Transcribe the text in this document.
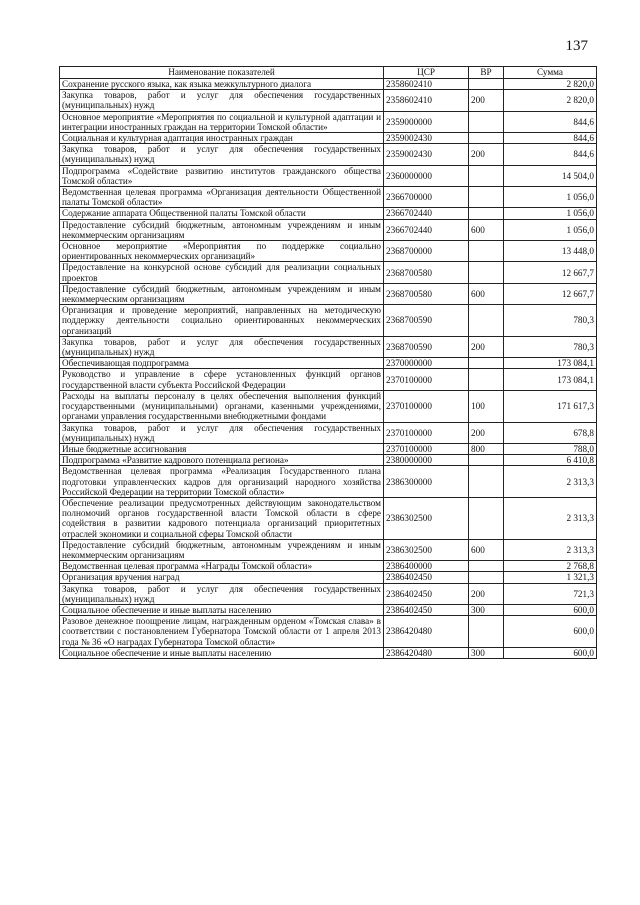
137
Наименование показателей	ЦСР	ВР	Сумма
Сохранение русского языка, как языка межкультурного диалога	2358602410		2 820,0
Закупка товаров, работ и услуг для обеспечения государственных (муниципальных) нужд	2358602410	200	2 820,0
Основное мероприятие «Мероприятия по социальной и культурной адаптации и интеграции иностранных граждан на территории Томской области»	2359000000		844,6
Социальная и культурная адаптация иностранных граждан	2359002430		844,6
Закупка товаров, работ и услуг для обеспечения государственных (муниципальных) нужд	2359002430	200	844,6
Подпрограмма «Содействие развитию институтов гражданского общества Томской области»	2360000000		14 504,0
Ведомственная целевая программа «Организация деятельности Общественной палаты Томской области»	2366700000		1 056,0
Содержание аппарата Общественной палаты Томской области	2366702440		1 056,0
Предоставление субсидий бюджетным, автономным учреждениям и иным некоммерческим организациям	2366702440	600	1 056,0
Основное мероприятие «Мероприятия по поддержке социально ориентированных некоммерческих организаций»	2368700000		13 448,0
Предоставление на конкурсной основе субсидий для реализации социальных проектов	2368700580		12 667,7
Предоставление субсидий бюджетным, автономным учреждениям и иным некоммерческим организациям	2368700580	600	12 667,7
Организация и проведение мероприятий, направленных на методическую поддержку деятельности социально ориентированных некоммерческих организаций	2368700590		780,3
Закупка товаров, работ и услуг для обеспечения государственных (муниципальных) нужд	2368700590	200	780,3
Обеспечивающая подпрограмма	2370000000		173 084,1
Руководство и управление в сфере установленных функций органов государственной власти субъекта Российской Федерации	2370100000		173 084,1
Расходы на выплаты персоналу в целях обеспечения выполнения функций государственными (муниципальными) органами, казенными учреждениями, органами управления государственными внебюджетными фондами	2370100000	100	171 617,3
Закупка товаров, работ и услуг для обеспечения государственных (муниципальных) нужд	2370100000	200	678,8
Иные бюджетные ассигнования	2370100000	800	788,0
Подпрограмма «Развитие кадрового потенциала региона»	2380000000		6 410,8
Ведомственная целевая программа «Реализация Государственного плана подготовки управленческих кадров для организаций народного хозяйства Российской Федерации на территории Томской области»	2386300000		2 313,3
Обеспечение реализации предусмотренных действующим законодательством полномочий органов государственной власти Томской области в сфере содействия в развитии кадрового потенциала организаций приоритетных отраслей экономики и социальной сферы Томской области	2386302500		2 313,3
Предоставление субсидий бюджетным, автономным учреждениям и иным некоммерческим организациям	2386302500	600	2 313,3
Ведомственная целевая программа «Награды Томской области»	2386400000		2 768,8
Организация вручения наград	2386402450		1 321,3
Закупка товаров, работ и услуг для обеспечения государственных (муниципальных) нужд	2386402450	200	721,3
Социальное обеспечение и иные выплаты населению	2386402450	300	600,0
Разовое денежное поощрение лицам, награжденным орденом «Томская слава» в соответствии с постановлением Губернатора Томской области от 1 апреля 2013 года № 36 «О наградах Губернатора Томской области»	2386420480		600,0
Социальное обеспечение и иные выплаты населению	2386420480	300	600,0
